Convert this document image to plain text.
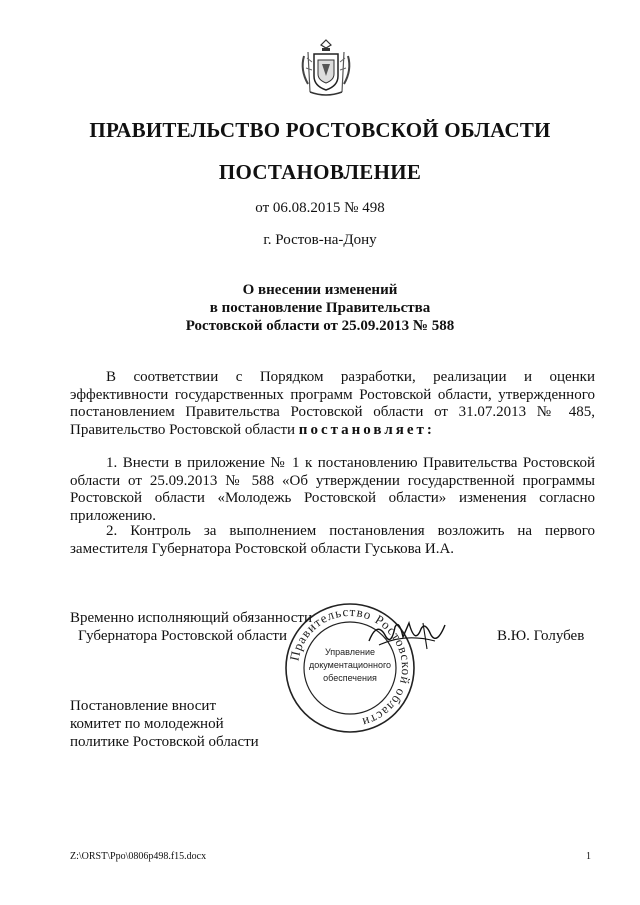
ПРАВИТЕЛЬСТВО РОСТОВСКОЙ ОБЛАСТИ
ПОСТАНОВЛЕНИЕ
от 06.08.2015 № 498
г. Ростов-на-Дону
О внесении изменений
в постановление Правительства
Ростовской области от 25.09.2013 № 588
В соответствии с Порядком разработки, реализации и оценки эффективности государственных программ Ростовской области, утвержденного постановлением Правительства Ростовской области от 31.07.2013 № 485, Правительство Ростовской области постановляет:
1. Внести в приложение № 1 к постановлению Правительства Ростовской области от 25.09.2013 № 588 «Об утверждении государственной программы Ростовской области «Молодежь Ростовской области» изменения согласно приложению.
2. Контроль за выполнением постановления возложить на первого заместителя Губернатора Ростовской области Гуськова И.А.
Правительство Ростовской области
Управление
документационного
обеспечения
Временно исполняющий обязанности
Губернатора Ростовской области	В.Ю. Голубев
Постановление вносит
комитет по молодежной
политике Ростовской области
Z:\ORST\Ppo\0806p498.f15.docx	1
